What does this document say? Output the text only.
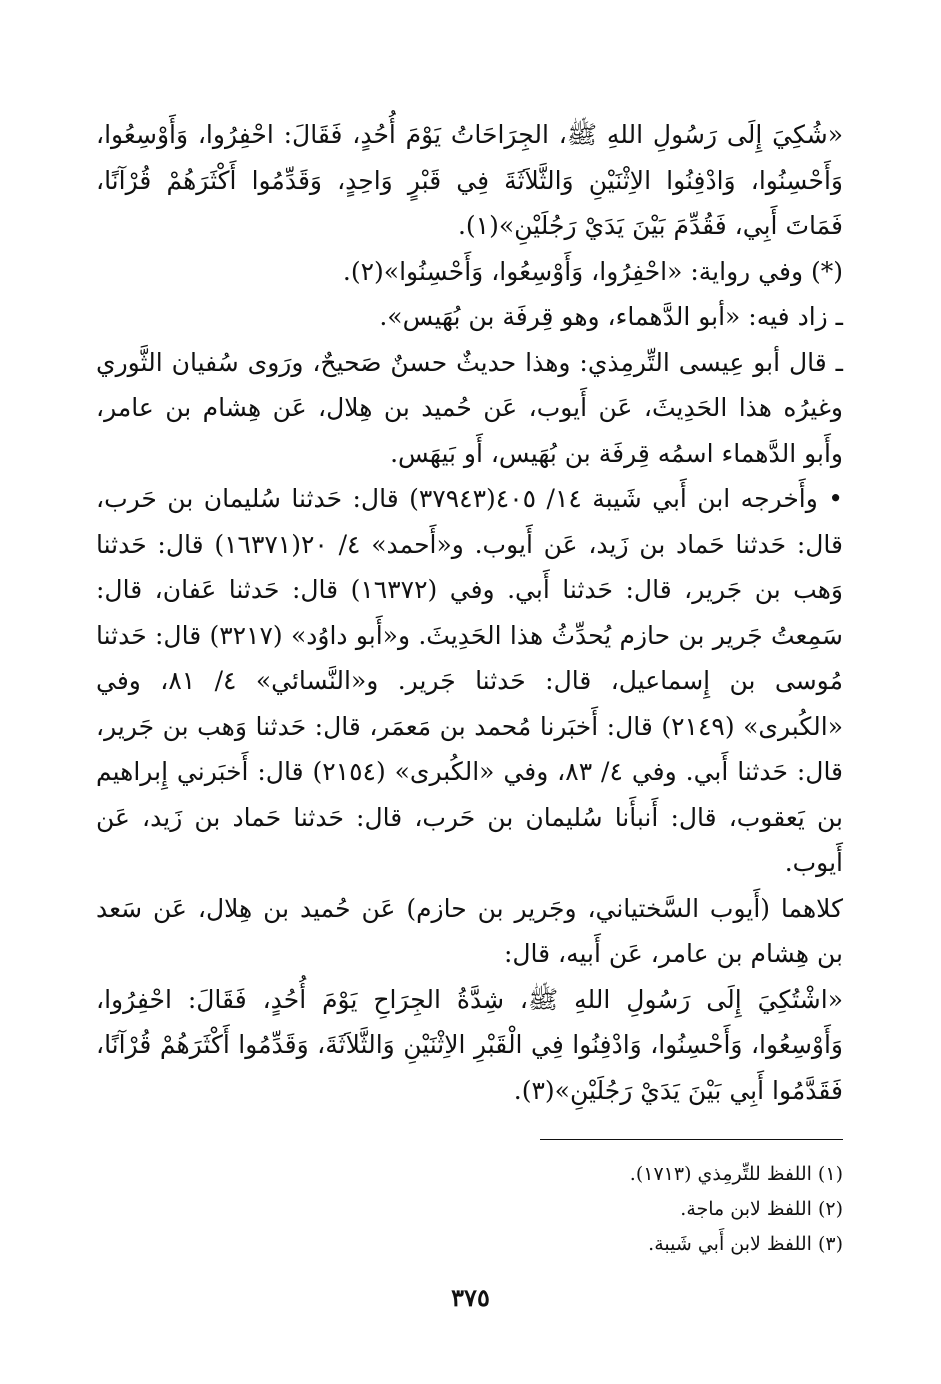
«شُكِيَ إِلَى رَسُولِ اللهِ ﷺ، الجِرَاحَاتُ يَوْمَ أُحُدٍ، فَقَالَ: احْفِرُوا، وَأَوْسِعُوا، وَأَحْسِنُوا، وَادْفِنُوا الاِثْنَيْنِ وَالثَّلاَثَةَ فِي قَبْرٍ وَاحِدٍ، وَقَدِّمُوا أَكْثَرَهُمْ قُرْآنًا، فَمَاتَ أَبِي، فَقُدِّمَ بَيْنَ يَدَيْ رَجُلَيْنِ»(١).

(*) وفي رواية: «احْفِرُوا، وَأَوْسِعُوا، وَأَحْسِنُوا»(٢).

ـ زاد فيه: «أبو الدَّهماء، وهو قِرفَة بن بُهَيس».

ـ قال أبو عِيسى التِّرمِذي: وهذا حديثٌ حسنٌ صَحيحٌ، ورَوى سُفيان الثَّوري وغيرُه هذا الحَدِيثَ، عَن أَيوب، عَن حُميد بن هِلال، عَن هِشام بن عامر، وأَبو الدَّهماء اسمُه قِرفَة بن بُهَيس، أَو بَيهَس.

• وأَخرجه ابن أَبي شَيبة ١٤/ ٤٠٥(٣٧٩٤٣) قال: حَدثنا سُليمان بن حَرب، قال: حَدثنا حَماد بن زَيد، عَن أَيوب. و«أَحمد» ٤/ ٢٠(١٦٣٧١) قال: حَدثنا وَهب بن جَرير، قال: حَدثنا أَبي. وفي (١٦٣٧٢) قال: حَدثنا عَفان، قال: سَمِعتُ جَرير بن حازم يُحدِّثُ هذا الحَدِيثَ. و«أَبو داوُد» (٣٢١٧) قال: حَدثنا مُوسى بن إِسماعيل، قال: حَدثنا جَرير. و«النَّسائي» ٤/ ٨١، وفي «الكُبرى» (٢١٤٩) قال: أَخبَرنا مُحمد بن مَعمَر، قال: حَدثنا وَهب بن جَرير، قال: حَدثنا أَبي. وفي ٤/ ٨٣، وفي «الكُبرى» (٢١٥٤) قال: أَخبَرني إِبراهيم بن يَعقوب، قال: أَنبأَنا سُليمان بن حَرب، قال: حَدثنا حَماد بن زَيد، عَن أَيوب.

كلاهما (أَيوب السَّختياني، وجَرير بن حازم) عَن حُميد بن هِلال، عَن سَعد بن هِشام بن عامر، عَن أَبيه، قال:

«اشْتُكِيَ إِلَى رَسُولِ اللهِ ﷺ، شِدَّةُ الجِرَاحِ يَوْمَ أُحُدٍ، فَقَالَ: احْفِرُوا، وَأَوْسِعُوا، وَأَحْسِنُوا، وَادْفِنُوا فِي الْقَبْرِ الاِثْنَيْنِ وَالثَّلاَثَةَ، وَقَدِّمُوا أَكْثَرَهُمْ قُرْآنًا، فَقَدَّمُوا أَبِي بَيْنَ يَدَيْ رَجُلَيْنِ»(٣).

(١) اللفظ للتِّرمِذي (١٧١٣).

(٢) اللفظ لابن ماجة.

(٣) اللفظ لابن أَبي شَيبة.

٣٧٥
